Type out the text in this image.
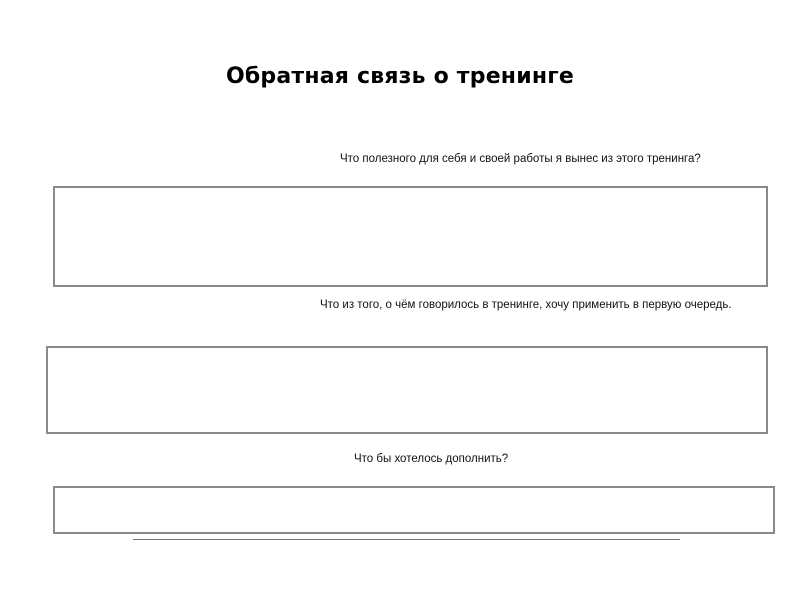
Обратная связь о тренинге
Что полезного для себя и своей работы я вынес из этого тренинга?
Что из того, о чём говорилось в тренинге, хочу применить в первую очередь.
Что бы хотелось дополнить?
